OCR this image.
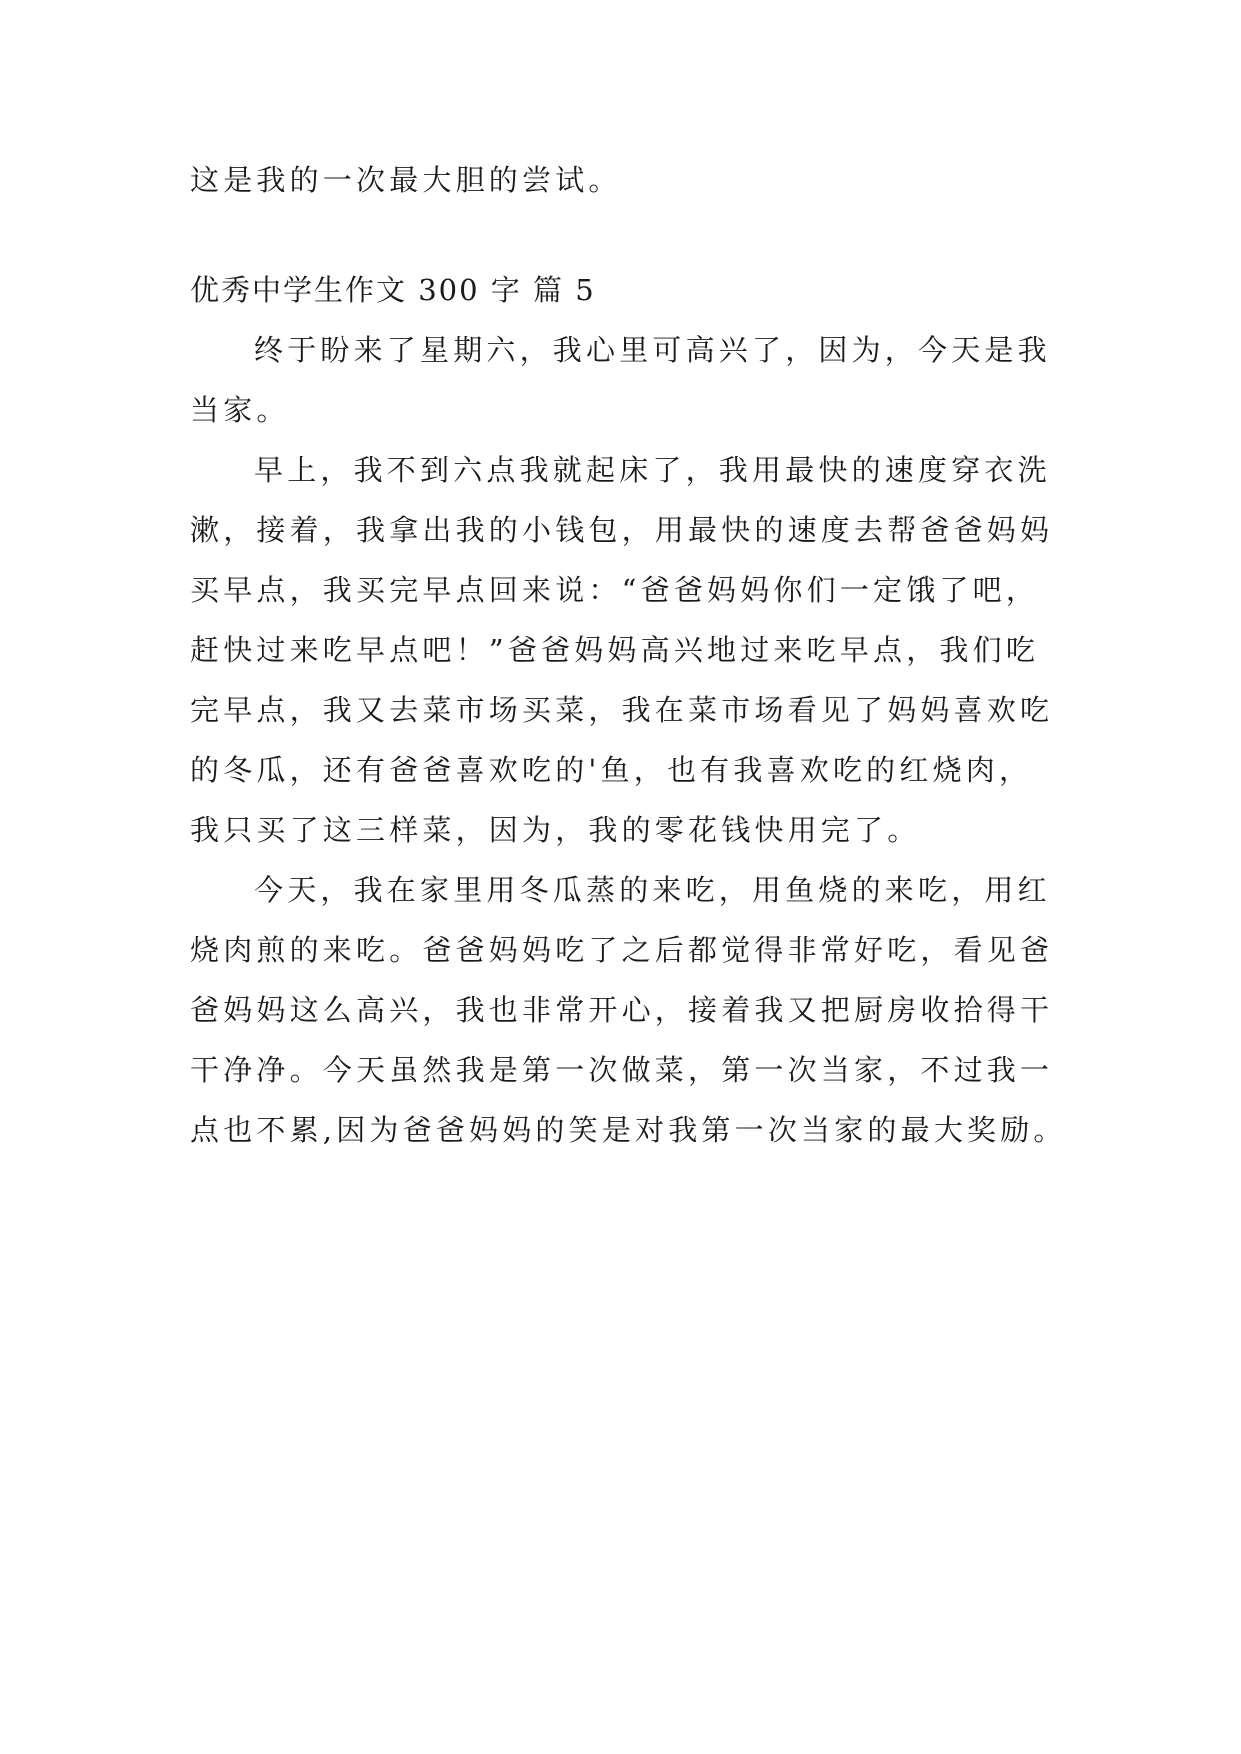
这是我的一次最大胆的尝试。
优秀中学生作文 300 字 篇 5
终于盼来了星期六，我心里可高兴了，因为，今天是我
当家。
早上，我不到六点我就起床了，我用最快的速度穿衣洗
漱，接着，我拿出我的小钱包，用最快的速度去帮爸爸妈妈
买早点，我买完早点回来说：“爸爸妈妈你们一定饿了吧，
赶快过来吃早点吧！”爸爸妈妈高兴地过来吃早点，我们吃
完早点，我又去菜市场买菜，我在菜市场看见了妈妈喜欢吃
的冬瓜，还有爸爸喜欢吃的'鱼，也有我喜欢吃的红烧肉，
我只买了这三样菜，因为，我的零花钱快用完了。
今天，我在家里用冬瓜蒸的来吃，用鱼烧的来吃，用红
烧肉煎的来吃。爸爸妈妈吃了之后都觉得非常好吃，看见爸
爸妈妈这么高兴，我也非常开心，接着我又把厨房收拾得干
干净净。今天虽然我是第一次做菜，第一次当家，不过我一
点也不累,因为爸爸妈妈的笑是对我第一次当家的最大奖励。
